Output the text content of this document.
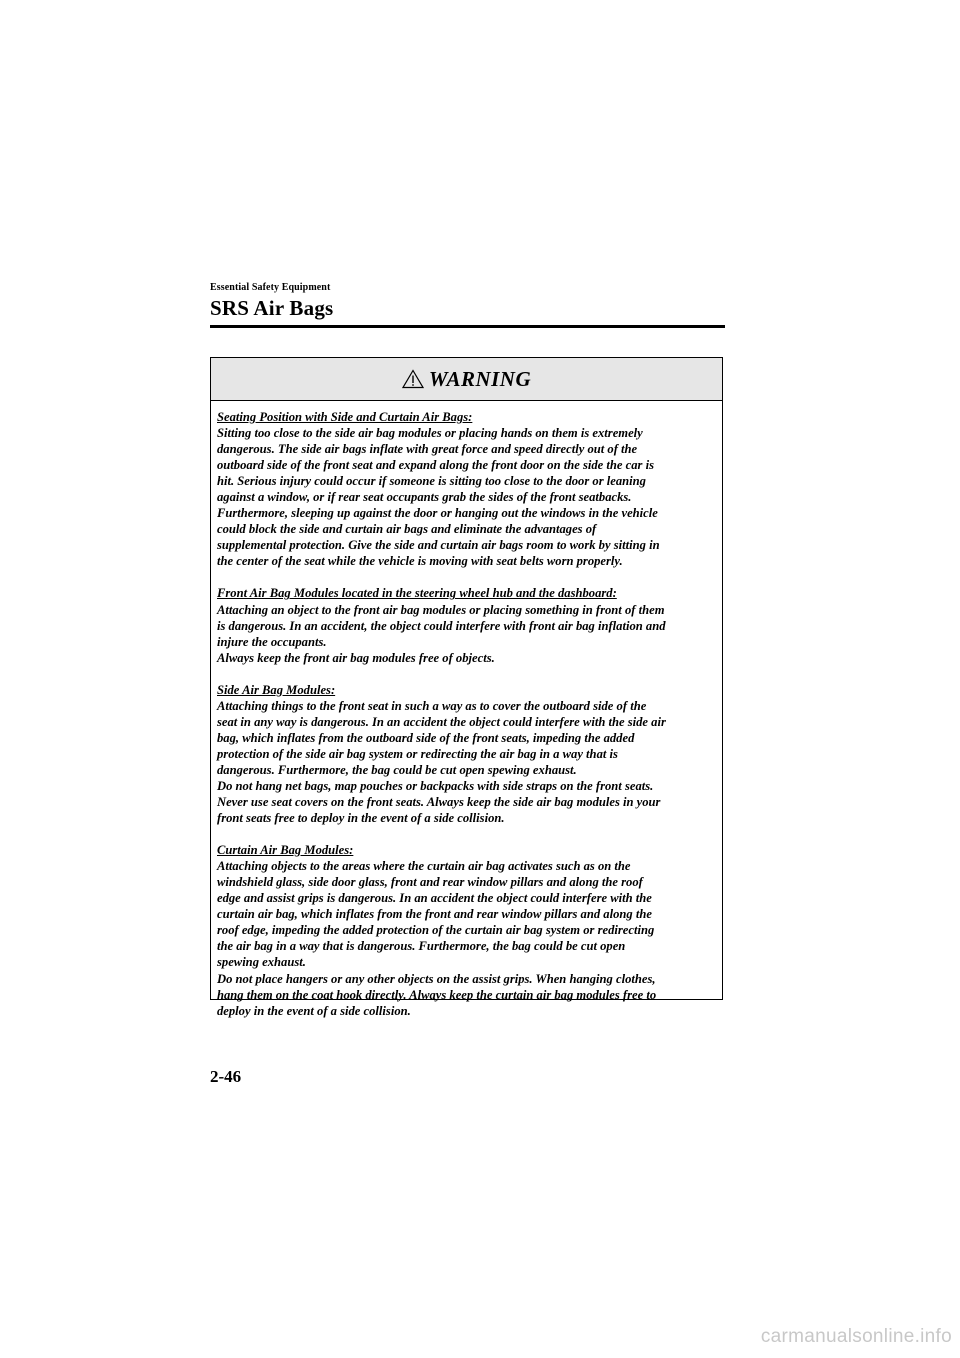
Essential Safety Equipment
SRS Air Bags
WARNING
Seating Position with Side and Curtain Air Bags:
Sitting too close to the side air bag modules or placing hands on them is extremely
dangerous. The side air bags inflate with great force and speed directly out of the
outboard side of the front seat and expand along the front door on the side the car is
hit. Serious injury could occur if someone is sitting too close to the door or leaning
against a window, or if rear seat occupants grab the sides of the front seatbacks.
Furthermore, sleeping up against the door or hanging out the windows in the vehicle
could block the side and curtain air bags and eliminate the advantages of
supplemental protection. Give the side and curtain air bags room to work by sitting in
the center of the seat while the vehicle is moving with seat belts worn properly.
Front Air Bag Modules located in the steering wheel hub and the dashboard:
Attaching an object to the front air bag modules or placing something in front of them
is dangerous. In an accident, the object could interfere with front air bag inflation and
injure the occupants.
Always keep the front air bag modules free of objects.
Side Air Bag Modules:
Attaching things to the front seat in such a way as to cover the outboard side of the
seat in any way is dangerous. In an accident the object could interfere with the side air
bag, which inflates from the outboard side of the front seats, impeding the added
protection of the side air bag system or redirecting the air bag in a way that is
dangerous. Furthermore, the bag could be cut open spewing exhaust.
Do not hang net bags, map pouches or backpacks with side straps on the front seats.
Never use seat covers on the front seats. Always keep the side air bag modules in your
front seats free to deploy in the event of a side collision.
Curtain Air Bag Modules:
Attaching objects to the areas where the curtain air bag activates such as on the
windshield glass, side door glass, front and rear window pillars and along the roof
edge and assist grips is dangerous. In an accident the object could interfere with the
curtain air bag, which inflates from the front and rear window pillars and along the
roof edge, impeding the added protection of the curtain air bag system or redirecting
the air bag in a way that is dangerous. Furthermore, the bag could be cut open
spewing exhaust.
Do not place hangers or any other objects on the assist grips. When hanging clothes,
hang them on the coat hook directly. Always keep the curtain air bag modules free to
deploy in the event of a side collision.
2-46
carmanualsonline.info
